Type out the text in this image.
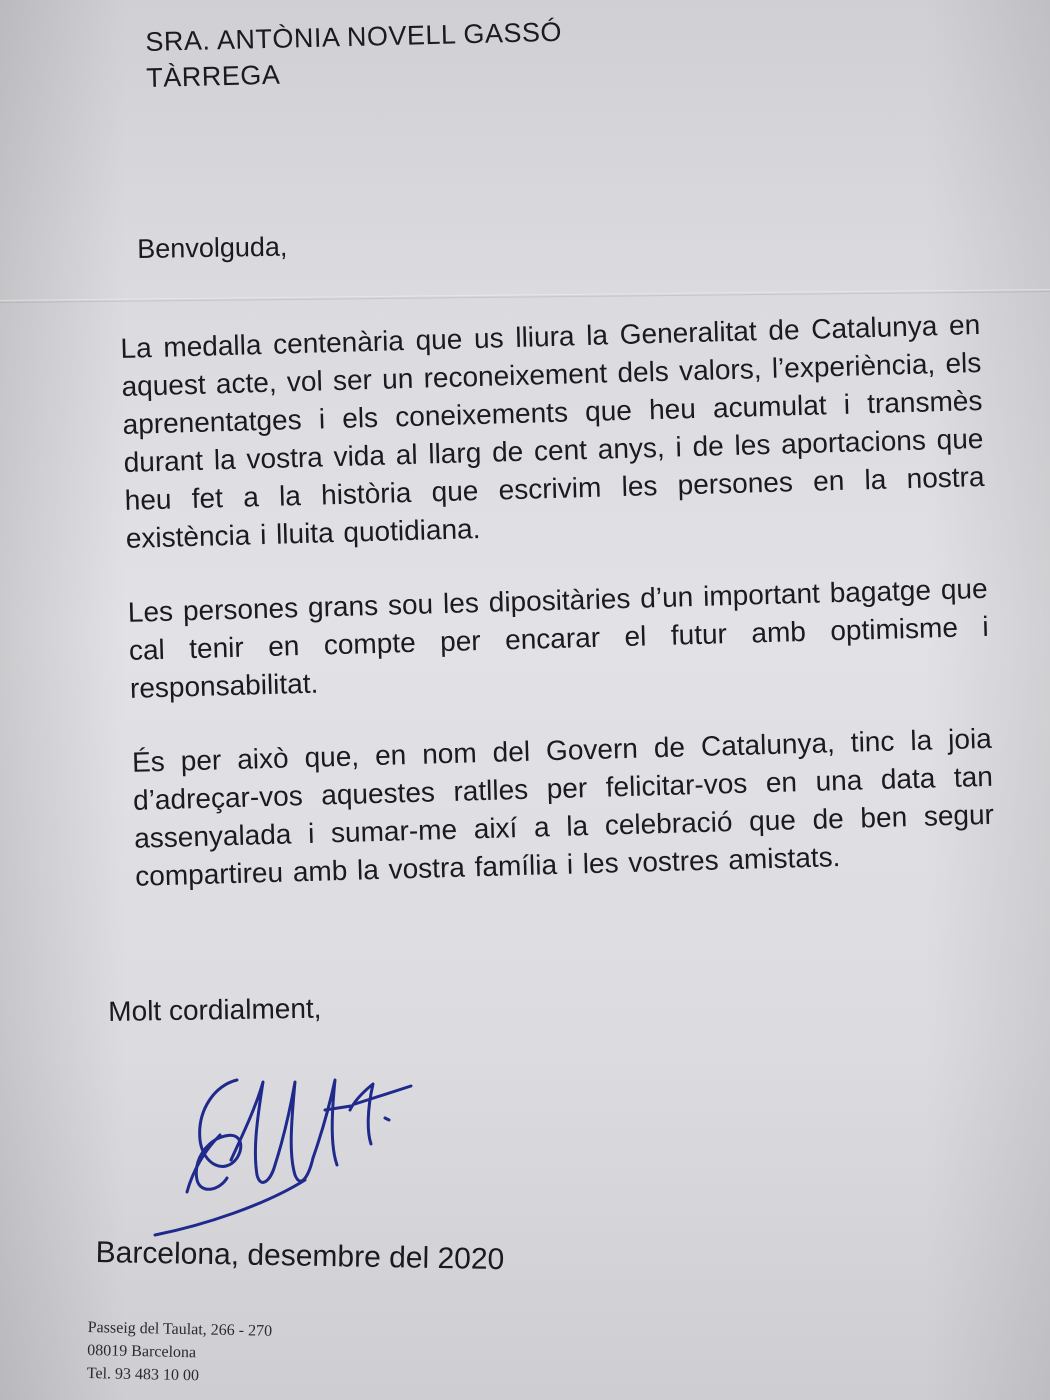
SRA. ANTÒNIA NOVELL GASSÓ
TÀRREGA
Benvolguda,

La medalla centenària que us lliura la Generalitat de Catalunya en aquest acte, vol ser un reconeixement dels valors, l’experiència, els aprenentatges i els coneixements que heu acumulat i transmès durant la vostra vida al llarg de cent anys, i de les aportacions que heu fet a la història que escrivim les persones en la nostra existència i lluita quotidiana.

Les persones grans sou les dipositàries d’un important bagatge que cal tenir en compte per encarar el futur amb optimisme i responsabilitat.

És per això que, en nom del Govern de Catalunya, tinc la joia d’adreçar-vos aquestes ratlles per felicitar-vos en una data tan assenyalada i sumar-me així a la celebració que de ben segur compartireu amb la vostra família i les vostres amistats.

Molt cordialment,
Barcelona, desembre del 2020
Passeig del Taulat, 266 - 270
08019 Barcelona
Tel. 93 483 10 00
